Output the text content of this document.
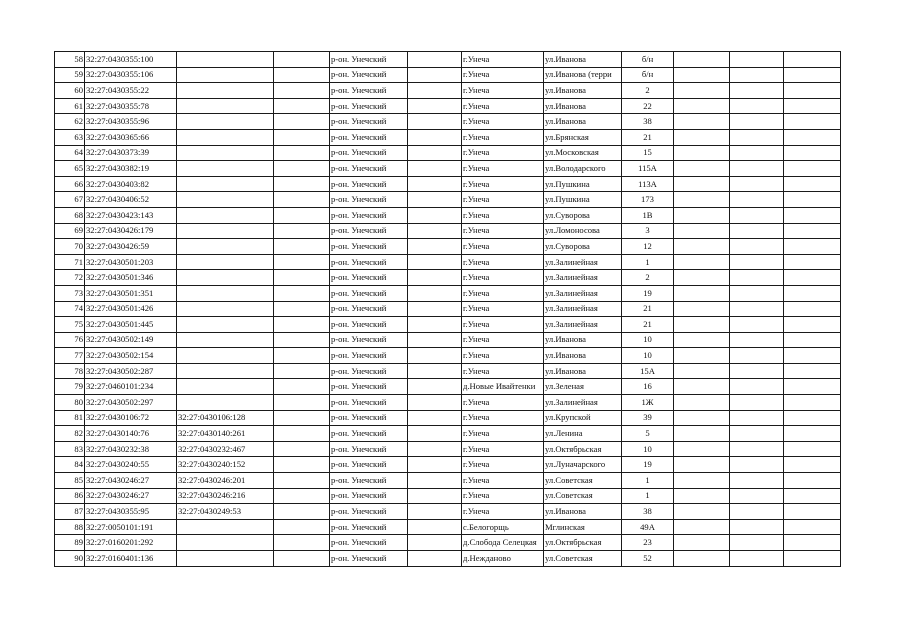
58	32:27:0430355:100			р-он. Унечский		г.Унеча	ул.Иванова	б/н			
59	32:27:0430355:106			р-он. Унечский		г.Унеча	ул.Иванова (терри	б/н			
60	32:27:0430355:22			р-он. Унечский		г.Унеча	ул.Иванова	2			
61	32:27:0430355:78			р-он. Унечский		г.Унеча	ул.Иванова	22			
62	32:27:0430355:96			р-он. Унечский		г.Унеча	ул.Иванова	38			
63	32:27:0430365:66			р-он. Унечский		г.Унеча	ул.Брянская	21			
64	32:27:0430373:39			р-он. Унечский		г.Унеча	ул.Московская	15			
65	32:27:0430382:19			р-он. Унечский		г.Унеча	ул.Володарского	115А			
66	32:27:0430403:82			р-он. Унечский		г.Унеча	ул.Пушкина	113А			
67	32:27:0430406:52			р-он. Унечский		г.Унеча	ул.Пушкина	173			
68	32:27:0430423:143			р-он. Унечский		г.Унеча	ул.Суворова	1В			
69	32:27:0430426:179			р-он. Унечский		г.Унеча	ул.Ломоносова	3			
70	32:27:0430426:59			р-он. Унечский		г.Унеча	ул.Суворова	12			
71	32:27:0430501:203			р-он. Унечский		г.Унеча	ул.Залинейная	1			
72	32:27:0430501:346			р-он. Унечский		г.Унеча	ул.Залинейная	2			
73	32:27:0430501:351			р-он. Унечский		г.Унеча	ул.Залинейная	19			
74	32:27:0430501:426			р-он. Унечский		г.Унеча	ул.Залинейная	21			
75	32:27:0430501:445			р-он. Унечский		г.Унеча	ул.Залинейная	21			
76	32:27:0430502:149			р-он. Унечский		г.Унеча	ул.Иванова	10			
77	32:27:0430502:154			р-он. Унечский		г.Унеча	ул.Иванова	10			
78	32:27:0430502:287			р-он. Унечский		г.Унеча	ул.Иванова	15А			
79	32:27:0460101:234			р-он. Унечский		д.Новые Ивайтенки	ул.Зеленая	16			
80	32:27:0430502:297			р-он. Унечский		г.Унеча	ул.Залинейная	1Ж			
81	32:27:0430106:72	32:27:0430106:128		р-он. Унечский		г.Унеча	ул.Крупской	39			
82	32:27:0430140:76	32:27:0430140:261		р-он. Унечский		г.Унеча	ул.Ленина	5			
83	32:27:0430232:38	32:27:0430232:467		р-он. Унечский		г.Унеча	ул.Октябрьская	10			
84	32:27:0430240:55	32:27:0430240:152		р-он. Унечский		г.Унеча	ул.Луначарского	19			
85	32:27:0430246:27	32:27:0430246:201		р-он. Унечский		г.Унеча	ул.Советская	1			
86	32:27:0430246:27	32:27:0430246:216		р-он. Унечский		г.Унеча	ул.Советская	1			
87	32:27:0430355:95	32:27:0430249:53		р-он. Унечский		г.Унеча	ул.Иванова	38			
88	32:27:0050101:191			р-он. Унечский		с.Белогорщь	Мглинская	49А			
89	32:27:0160201:292			р-он. Унечский		д.Слобода Селецкая	ул.Октябрьская	23			
90	32:27:0160401:136			р-он. Унечский		д.Неждановo	ул.Советская	52			
